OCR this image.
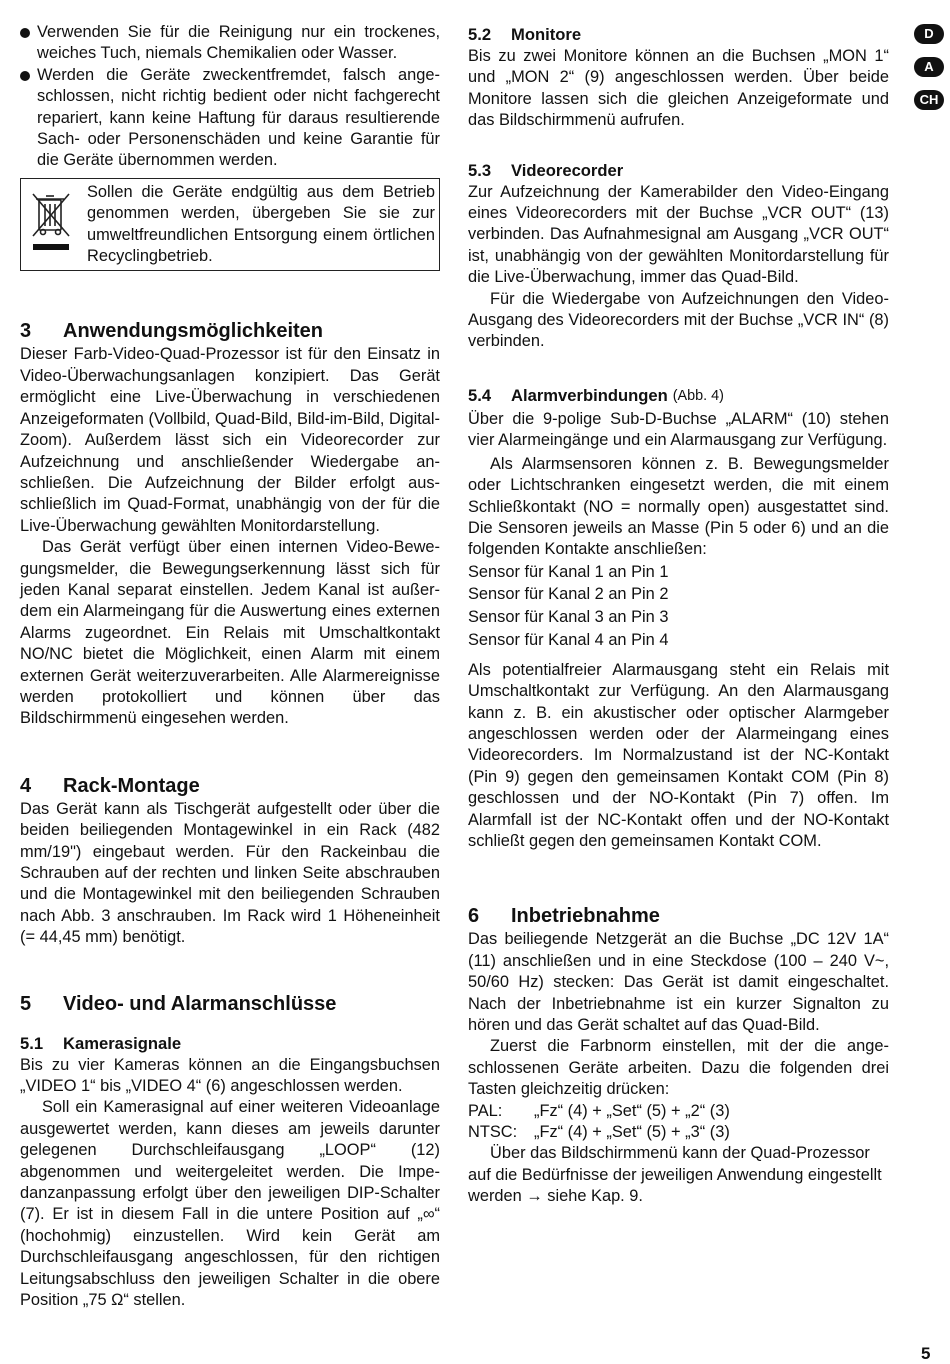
Verwenden Sie für die Reinigung nur ein trockenes, weiches Tuch, niemals Chemikalien oder Wasser.
Werden die Geräte zweckentfremdet, falsch angeschlossen, nicht richtig bedient oder nicht fachgerecht repariert, kann keine Haftung für daraus resultierende Sach- oder Personenschäden und keine Garantie für die Geräte übernommen werden.

Sollen die Geräte endgültig aus dem Betrieb genommen werden, übergeben Sie sie zur umweltfreundlichen Entsorgung einem örtlichen Recyclingbetrieb.

3	Anwendungsmöglichkeiten

Dieser Farb-Video-Quad-Prozessor ist für den Einsatz in Video-Überwachungsanlagen konzipiert. Das Gerät ermöglicht eine Live-Überwachung in verschiedenen Anzeigeformaten (Vollbild, Quad-Bild, Bild-im-Bild, Digital-Zoom). Außerdem lässt sich ein Videorecorder zur Aufzeichnung und anschließender Wiedergabe anschließen. Die Aufzeichnung der Bilder erfolgt ausschließlich im Quad-Format, unabhängig von der für die Live-Überwachung gewählten Monitordarstellung.

Das Gerät verfügt über einen internen Video-Bewegungsmelder, die Bewegungserkennung lässt sich für jeden Kanal separat einstellen. Jedem Kanal ist außerdem ein Alarmeingang für die Auswertung eines externen Alarms zugeordnet. Ein Relais mit Umschaltkontakt NO/NC bietet die Möglichkeit, einen Alarm mit einem externen Gerät weiterzuverarbeiten. Alle Alarmereignisse werden protokolliert und können über das Bildschirmmenü eingesehen werden.

4	Rack-Montage

Das Gerät kann als Tischgerät aufgestellt oder über die beiden beiliegenden Montagewinkel in ein Rack (482 mm/19") eingebaut werden. Für den Rackeinbau die Schrauben auf der rechten und linken Seite abschrauben und die Montagewinkel mit den beiliegenden Schrauben nach Abb. 3 anschrauben. Im Rack wird 1 Höheneinheit (= 44,45 mm) benötigt.

5	Video- und Alarmanschlüsse
5.1	Kamerasignale

Bis zu vier Kameras können an die Eingangsbuchsen „VIDEO 1“ bis „VIDEO 4“ (6) angeschlossen werden.

Soll ein Kamerasignal auf einer weiteren Videoanlage ausgewertet werden, kann dieses am jeweils darunter gelegenen Durchschleifausgang „LOOP“ (12) abgenommen und weitergeleitet werden. Die Impedanzanpassung erfolgt über den jeweiligen DIP-Schalter (7). Er ist in diesem Fall in die untere Position auf „∞“ (hochohmig) einzustellen. Wird kein Gerät am Durchschleifausgang angeschlossen, für den richtigen Leitungsabschluss den jeweiligen Schalter in die obere Position „75 Ω“ stellen.

5.2	Monitore

Bis zu zwei Monitore können an die Buchsen „MON 1“ und „MON 2“ (9) angeschlossen werden. Über beide Monitore lassen sich die gleichen Anzeigeformate und das Bildschirmmenü aufrufen.

5.3	Videorecorder

Zur Aufzeichnung der Kamerabilder den Video-Eingang eines Videorecorders mit der Buchse „VCR OUT“ (13) verbinden. Das Aufnahmesignal am Ausgang „VCR OUT“ ist, unabhängig von der gewählten Monitordarstellung für die Live-Überwachung, immer das Quad-Bild.

Für die Wiedergabe von Aufzeichnungen den Video-Ausgang des Videorecorders mit der Buchse „VCR IN“ (8) verbinden.

5.4	Alarmverbindungen (Abb. 4)

Über die 9-polige Sub-D-Buchse „ALARM“ (10) stehen vier Alarmeingänge und ein Alarmausgang zur Verfügung.

Als Alarmsensoren können z. B. Bewegungsmelder oder Lichtschranken eingesetzt werden, die mit einem Schließkontakt (NO = normally open) ausgestattet sind. Die Sensoren jeweils an Masse (Pin 5 oder 6) und an die folgenden Kontakte anschließen:

Sensor für Kanal 1 an Pin 1
Sensor für Kanal 2 an Pin 2
Sensor für Kanal 3 an Pin 3
Sensor für Kanal 4 an Pin 4

Als potentialfreier Alarmausgang steht ein Relais mit Umschaltkontakt zur Verfügung. An den Alarmausgang kann z. B. ein akustischer oder optischer Alarmgeber angeschlossen werden oder der Alarmeingang eines Videorecorders. Im Normalzustand ist der NC-Kontakt (Pin 9) gegen den gemeinsamen Kontakt COM (Pin 8) geschlossen und der NO-Kontakt (Pin 7) offen. Im Alarmfall ist der NC-Kontakt offen und der NO-Kontakt schließt gegen den gemeinsamen Kontakt COM.

6	Inbetriebnahme

Das beiliegende Netzgerät an die Buchse „DC 12V 1A“ (11) anschließen und in eine Steckdose (100 – 240 V~, 50/60 Hz) stecken: Das Gerät ist damit eingeschaltet. Nach der Inbetriebnahme ist ein kurzer Signalton zu hören und das Gerät schaltet auf das Quad-Bild.

Zuerst die Farbnorm einstellen, mit der die angeschlossenen Geräte arbeiten. Dazu die folgenden drei Tasten gleichzeitig drücken:

PAL:	„Fz“ (4) + „Set“ (5) + „2“ (3)
NTSC:	„Fz“ (4) + „Set“ (5) + „3“ (3)

Über das Bildschirmmenü kann der Quad-Prozessor auf die Bedürfnisse der jeweiligen Anwendung eingestellt werden → siehe Kap. 9.

D
A
CH
5
